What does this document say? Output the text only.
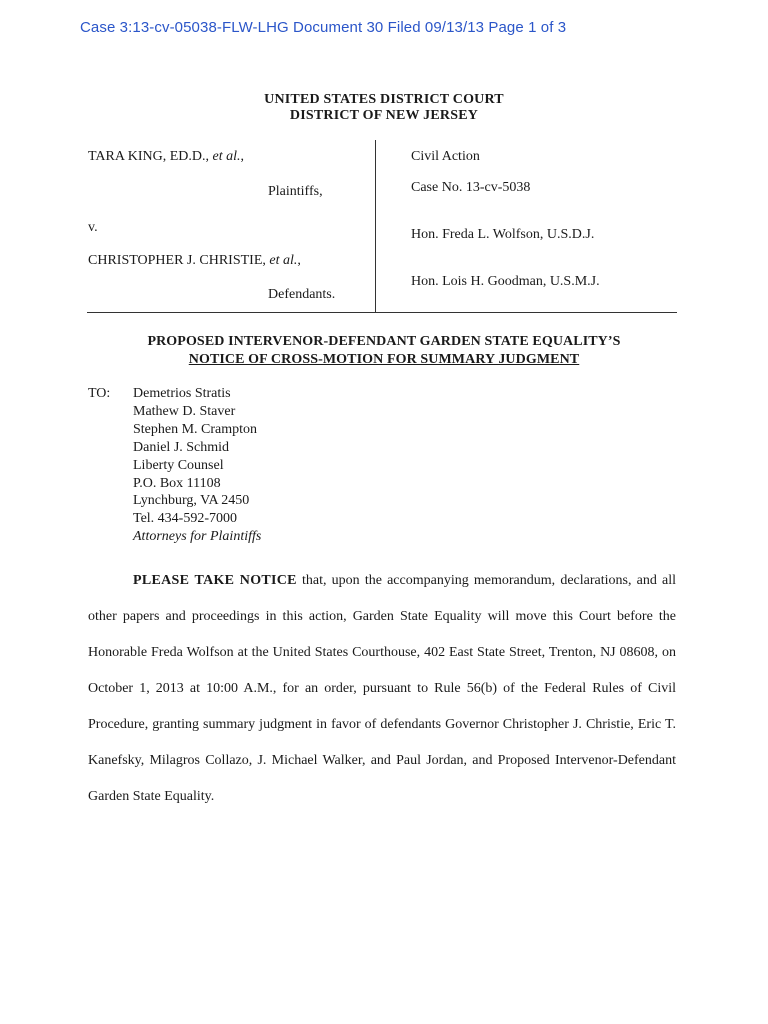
Case 3:13-cv-05038-FLW-LHG Document 30 Filed 09/13/13 Page 1 of 3
UNITED STATES DISTRICT COURT
DISTRICT OF NEW JERSEY
TARA KING, ED.D., et al.,
Plaintiffs,
v.
CHRISTOPHER J. CHRISTIE, et al.,
Defendants.
Civil Action
Case No. 13-cv-5038
Hon. Freda L. Wolfson, U.S.D.J.
Hon. Lois H. Goodman, U.S.M.J.
PROPOSED INTERVENOR-DEFENDANT GARDEN STATE EQUALITY’S
NOTICE OF CROSS-MOTION FOR SUMMARY JUDGMENT
TO: Demetrios Stratis
Mathew D. Staver
Stephen M. Crampton
Daniel J. Schmid
Liberty Counsel
P.O. Box 11108
Lynchburg, VA 2450
Tel. 434-592-7000
Attorneys for Plaintiffs
PLEASE TAKE NOTICE that, upon the accompanying memorandum, declarations, and all other papers and proceedings in this action, Garden State Equality will move this Court before the Honorable Freda Wolfson at the United States Courthouse, 402 East State Street, Trenton, NJ 08608, on October 1, 2013 at 10:00 A.M., for an order, pursuant to Rule 56(b) of the Federal Rules of Civil Procedure, granting summary judgment in favor of defendants Governor Christopher J. Christie, Eric T. Kanefsky, Milagros Collazo, J. Michael Walker, and Paul Jordan, and Proposed Intervenor-Defendant Garden State Equality.
